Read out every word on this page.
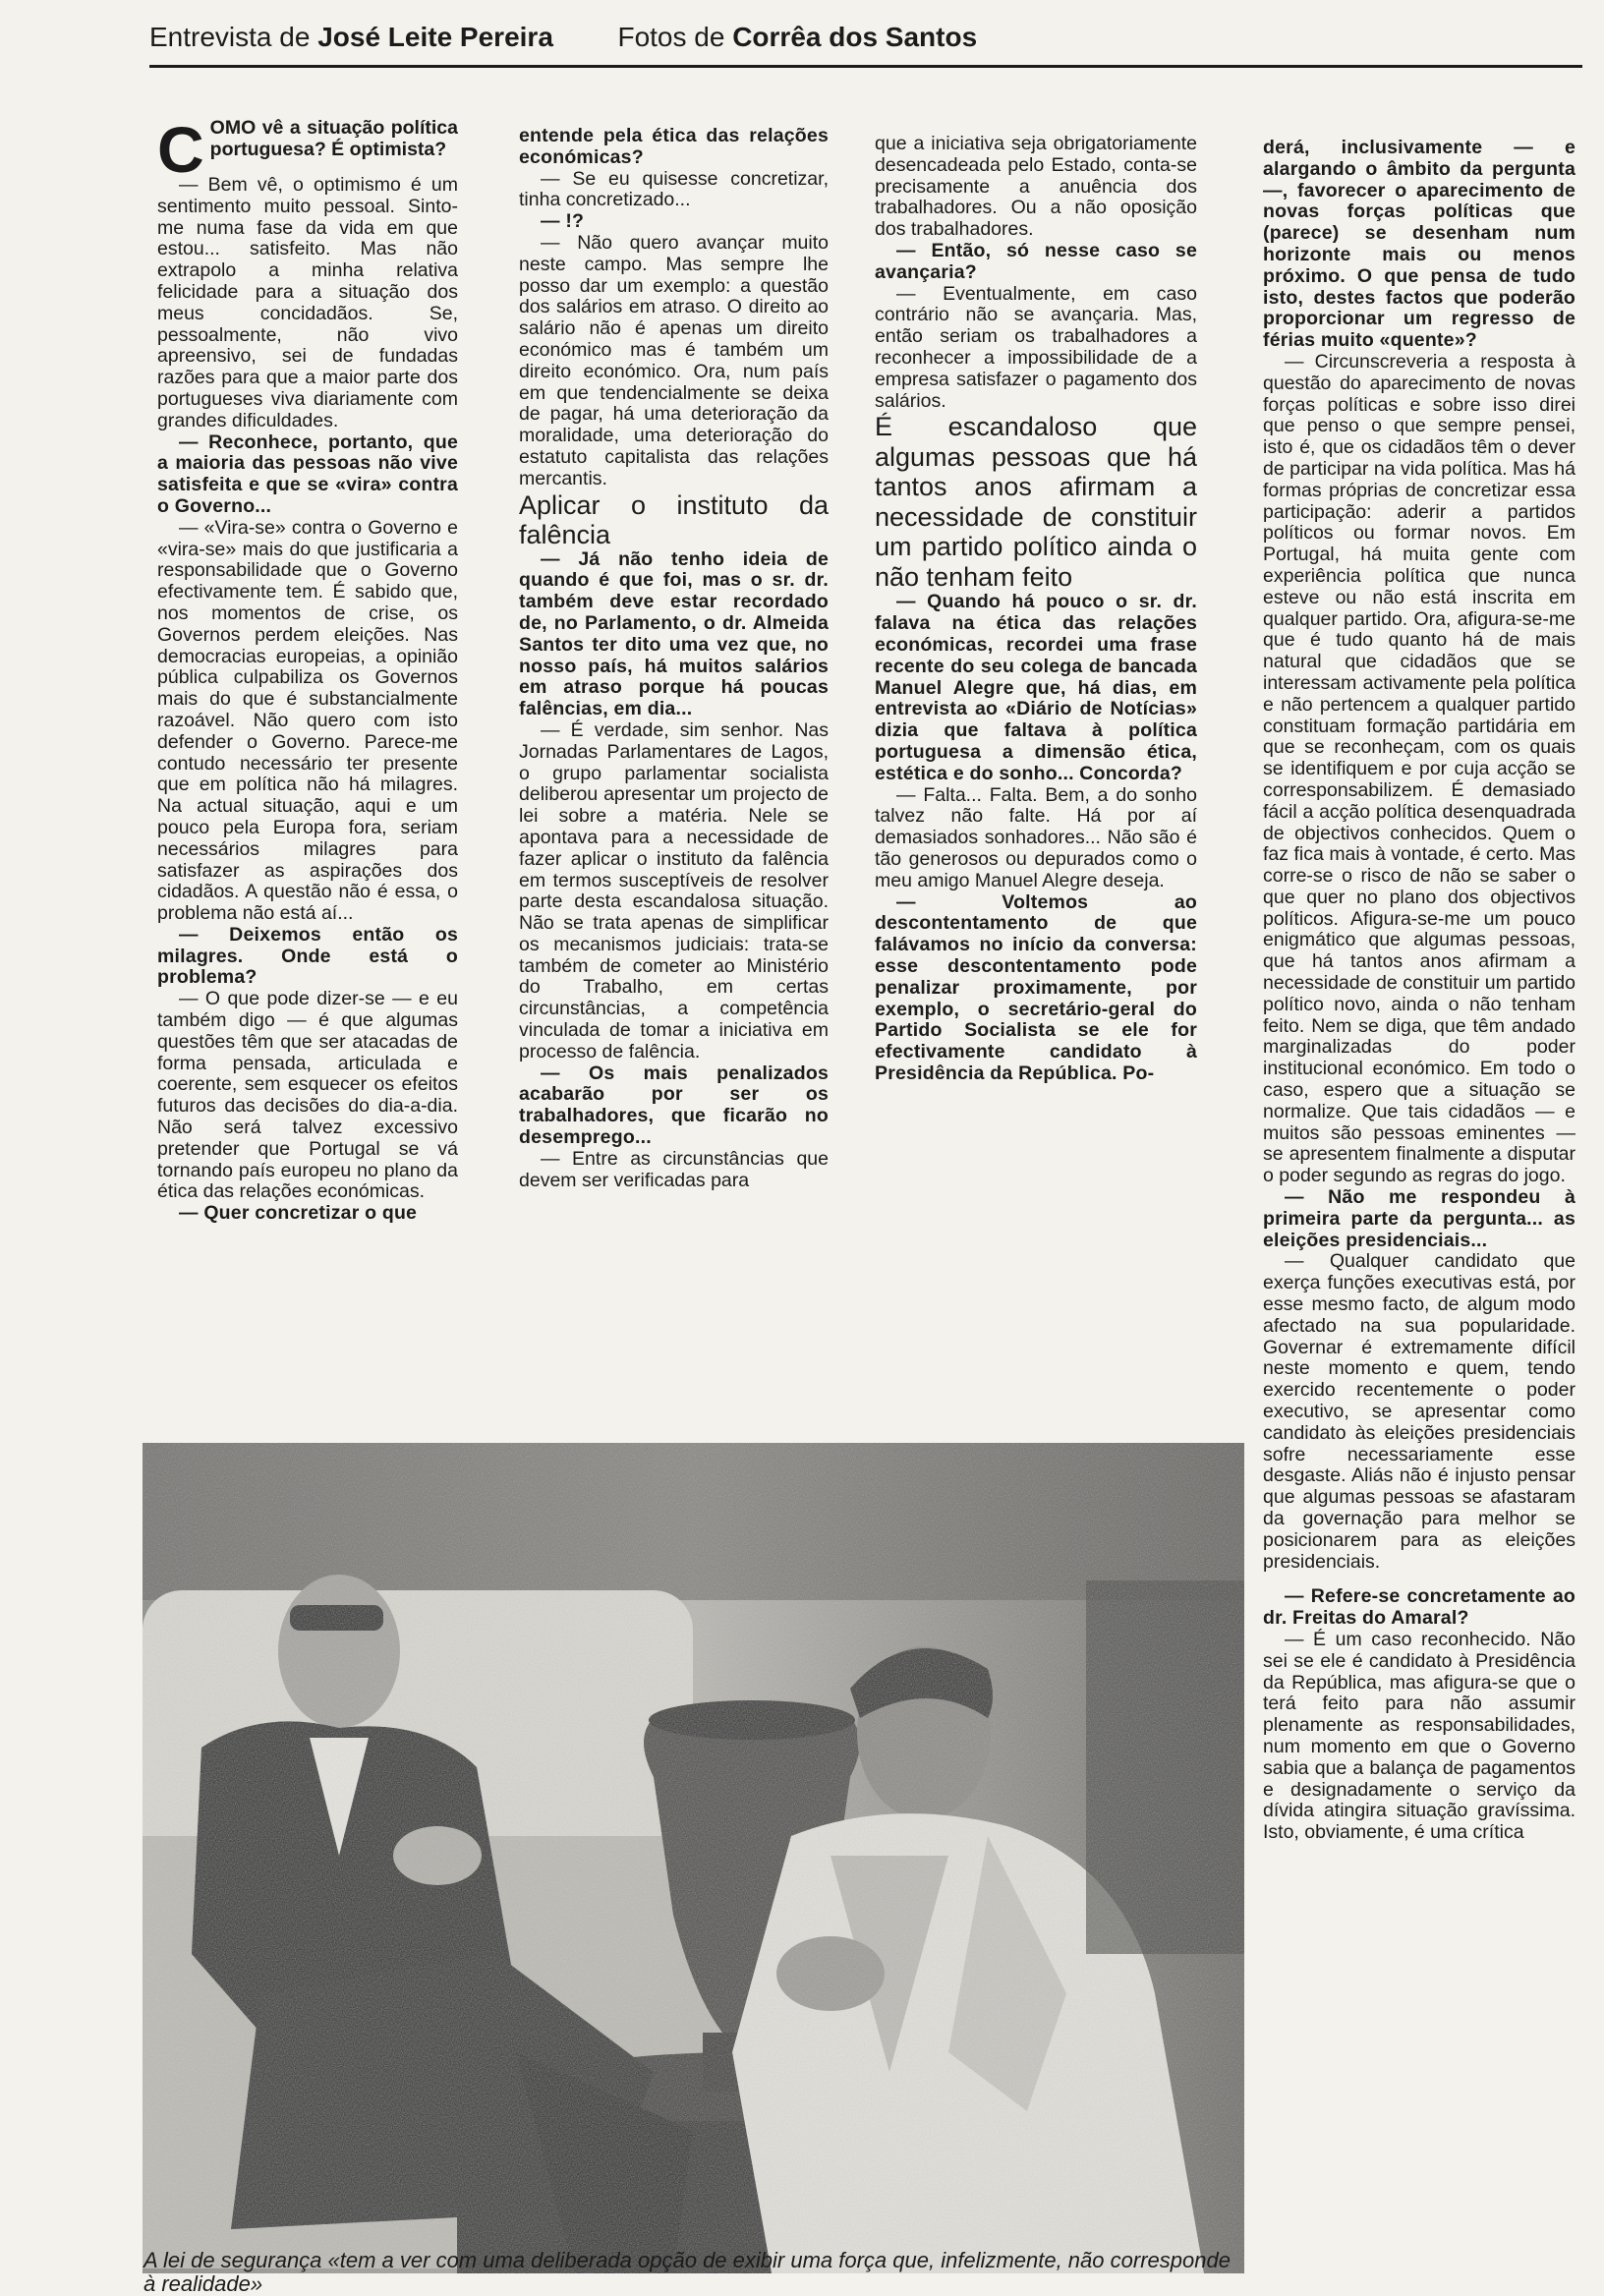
Entrevista de José Leite Pereira Fotos de Corrêa dos Santos

C OMO vê a situação política portuguesa? É optimista?

— Bem vê, o optimismo é um sentimento muito pessoal. Sinto-me numa fase da vida em que estou... satisfeito. Mas não extrapolo a minha relativa felicidade para a situação dos meus concidadãos. Se, pessoalmente, não vivo apreensivo, sei de fundadas razões para que a maior parte dos portugueses viva diariamente com grandes dificuldades.

— Reconhece, portanto, que a maioria das pessoas não vive satisfeita e que se «vira» contra o Governo...

— «Vira-se» contra o Governo e «vira-se» mais do que justificaria a responsabilidade que o Governo efectivamente tem. É sabido que, nos momentos de crise, os Governos perdem eleições. Nas democracias europeias, a opinião pública culpabiliza os Governos mais do que é substancialmente razoável. Não quero com isto defender o Governo. Parece-me contudo necessário ter presente que em política não há milagres. Na actual situação, aqui e um pouco pela Europa fora, seriam necessários milagres para satisfazer as aspirações dos cidadãos. A questão não é essa, o problema não está aí...

— Deixemos então os milagres. Onde está o problema?

— O que pode dizer-se — e eu também digo — é que algumas questões têm que ser atacadas de forma pensada, articulada e coerente, sem esquecer os efeitos futuros das decisões do dia-a-dia. Não será talvez excessivo pretender que Portugal se vá tornando país europeu no plano da ética das relações económicas.

— Quer concretizar o que

entende pela ética das relações económicas?

— Se eu quisesse concretizar, tinha concretizado...

— !?

— Não quero avançar muito neste campo. Mas sempre lhe posso dar um exemplo: a questão dos salários em atraso. O direito ao salário não é apenas um direito económico mas é também um direito económico. Ora, num país em que tendencialmente se deixa de pagar, há uma deterioração da moralidade, uma deterioração do estatuto capitalista das relações mercantis.

Aplicar o instituto da falência

— Já não tenho ideia de quando é que foi, mas o sr. dr. também deve estar recordado de, no Parlamento, o dr. Almeida Santos ter dito uma vez que, no nosso país, há muitos salários em atraso porque há poucas falências, em dia...

— É verdade, sim senhor. Nas Jornadas Parlamentares de Lagos, o grupo parlamentar socialista deliberou apresentar um projecto de lei sobre a matéria. Nele se apontava para a necessidade de fazer aplicar o instituto da falência em termos susceptíveis de resolver parte desta escandalosa situação. Não se trata apenas de simplificar os mecanismos judiciais: trata-se também de cometer ao Ministério do Trabalho, em certas circunstâncias, a competência vinculada de tomar a iniciativa em processo de falência.

— Os mais penalizados acabarão por ser os trabalhadores, que ficarão no desemprego...

— Entre as circunstâncias que devem ser verificadas para

que a iniciativa seja obrigatoriamente desencadeada pelo Estado, conta-se precisamente a anuência dos trabalhadores. Ou a não oposição dos trabalhadores.

— Então, só nesse caso se avançaria?

— Eventualmente, em caso contrário não se avançaria. Mas, então seriam os trabalhadores a reconhecer a impossibilidade de a empresa satisfazer o pagamento dos salários.

É escandaloso que algumas pessoas que há tantos anos afirmam a necessidade de constituir um partido político ainda o não tenham feito

— Quando há pouco o sr. dr. falava na ética das relações económicas, recordei uma frase recente do seu colega de bancada Manuel Alegre que, há dias, em entrevista ao «Diário de Notícias» dizia que faltava à política portuguesa a dimensão ética, estética e do sonho... Concorda?

— Falta... Falta. Bem, a do sonho talvez não falte. Há por aí demasiados sonhadores... Não são é tão generosos ou depurados como o meu amigo Manuel Alegre deseja.

— Voltemos ao descontentamento de que falávamos no início da conversa: esse descontentamento pode penalizar proximamente, por exemplo, o secretário-geral do Partido Socialista se ele for efectivamente candidato à Presidência da República. Po-

derá, inclusivamente — e alargando o âmbito da pergunta —, favorecer o aparecimento de novas forças políticas que (parece) se desenham num horizonte mais ou menos próximo. O que pensa de tudo isto, destes factos que poderão proporcionar um regresso de férias muito «quente»?

— Circunscreveria a resposta à questão do aparecimento de novas forças políticas e sobre isso direi que penso o que sempre pensei, isto é, que os cidadãos têm o dever de participar na vida política. Mas há formas próprias de concretizar essa participação: aderir a partidos políticos ou formar novos. Em Portugal, há muita gente com experiência política que nunca esteve ou não está inscrita em qualquer partido. Ora, afigura-se-me que é tudo quanto há de mais natural que cidadãos que se interessam activamente pela política e não pertencem a qualquer partido constituam formação partidária em que se reconheçam, com os quais se identifiquem e por cuja acção se corresponsabilizem. É demasiado fácil a acção política desenquadrada de objectivos conhecidos. Quem o faz fica mais à vontade, é certo. Mas corre-se o risco de não se saber o que quer no plano dos objectivos políticos. Afigura-se-me um pouco enigmático que algumas pessoas, que há tantos anos afirmam a necessidade de constituir um partido político novo, ainda o não tenham feito. Nem se diga, que têm andado marginalizadas do poder institucional económico. Em todo o caso, espero que a situação se normalize. Que tais cidadãos — e muitos são pessoas eminentes — se apresentem finalmente a disputar o poder segundo as regras do jogo.

— Não me respondeu à primeira parte da pergunta... as eleições presidenciais...

— Qualquer candidato que exerça funções executivas está, por esse mesmo facto, de algum modo afectado na sua popularidade. Governar é extremamente difícil neste momento e quem, tendo exercido recentemente o poder executivo, se apresentar como candidato às eleições presidenciais sofre necessariamente esse desgaste. Aliás não é injusto pensar que algumas pessoas se afastaram da governação para melhor se posicionarem para as eleições presidenciais.

— Refere-se concretamente ao dr. Freitas do Amaral?

— É um caso reconhecido. Não sei se ele é candidato à Presidência da República, mas afigura-se que o terá feito para não assumir plenamente as responsabilidades, num momento em que o Governo sabia que a balança de pagamentos e designadamente o serviço da dívida atingira situação gravíssima. Isto, obviamente, é uma crítica

A lei de segurança «tem a ver com uma deliberada opção de exibir uma força que, infelizmente, não corresponde à realidade»
